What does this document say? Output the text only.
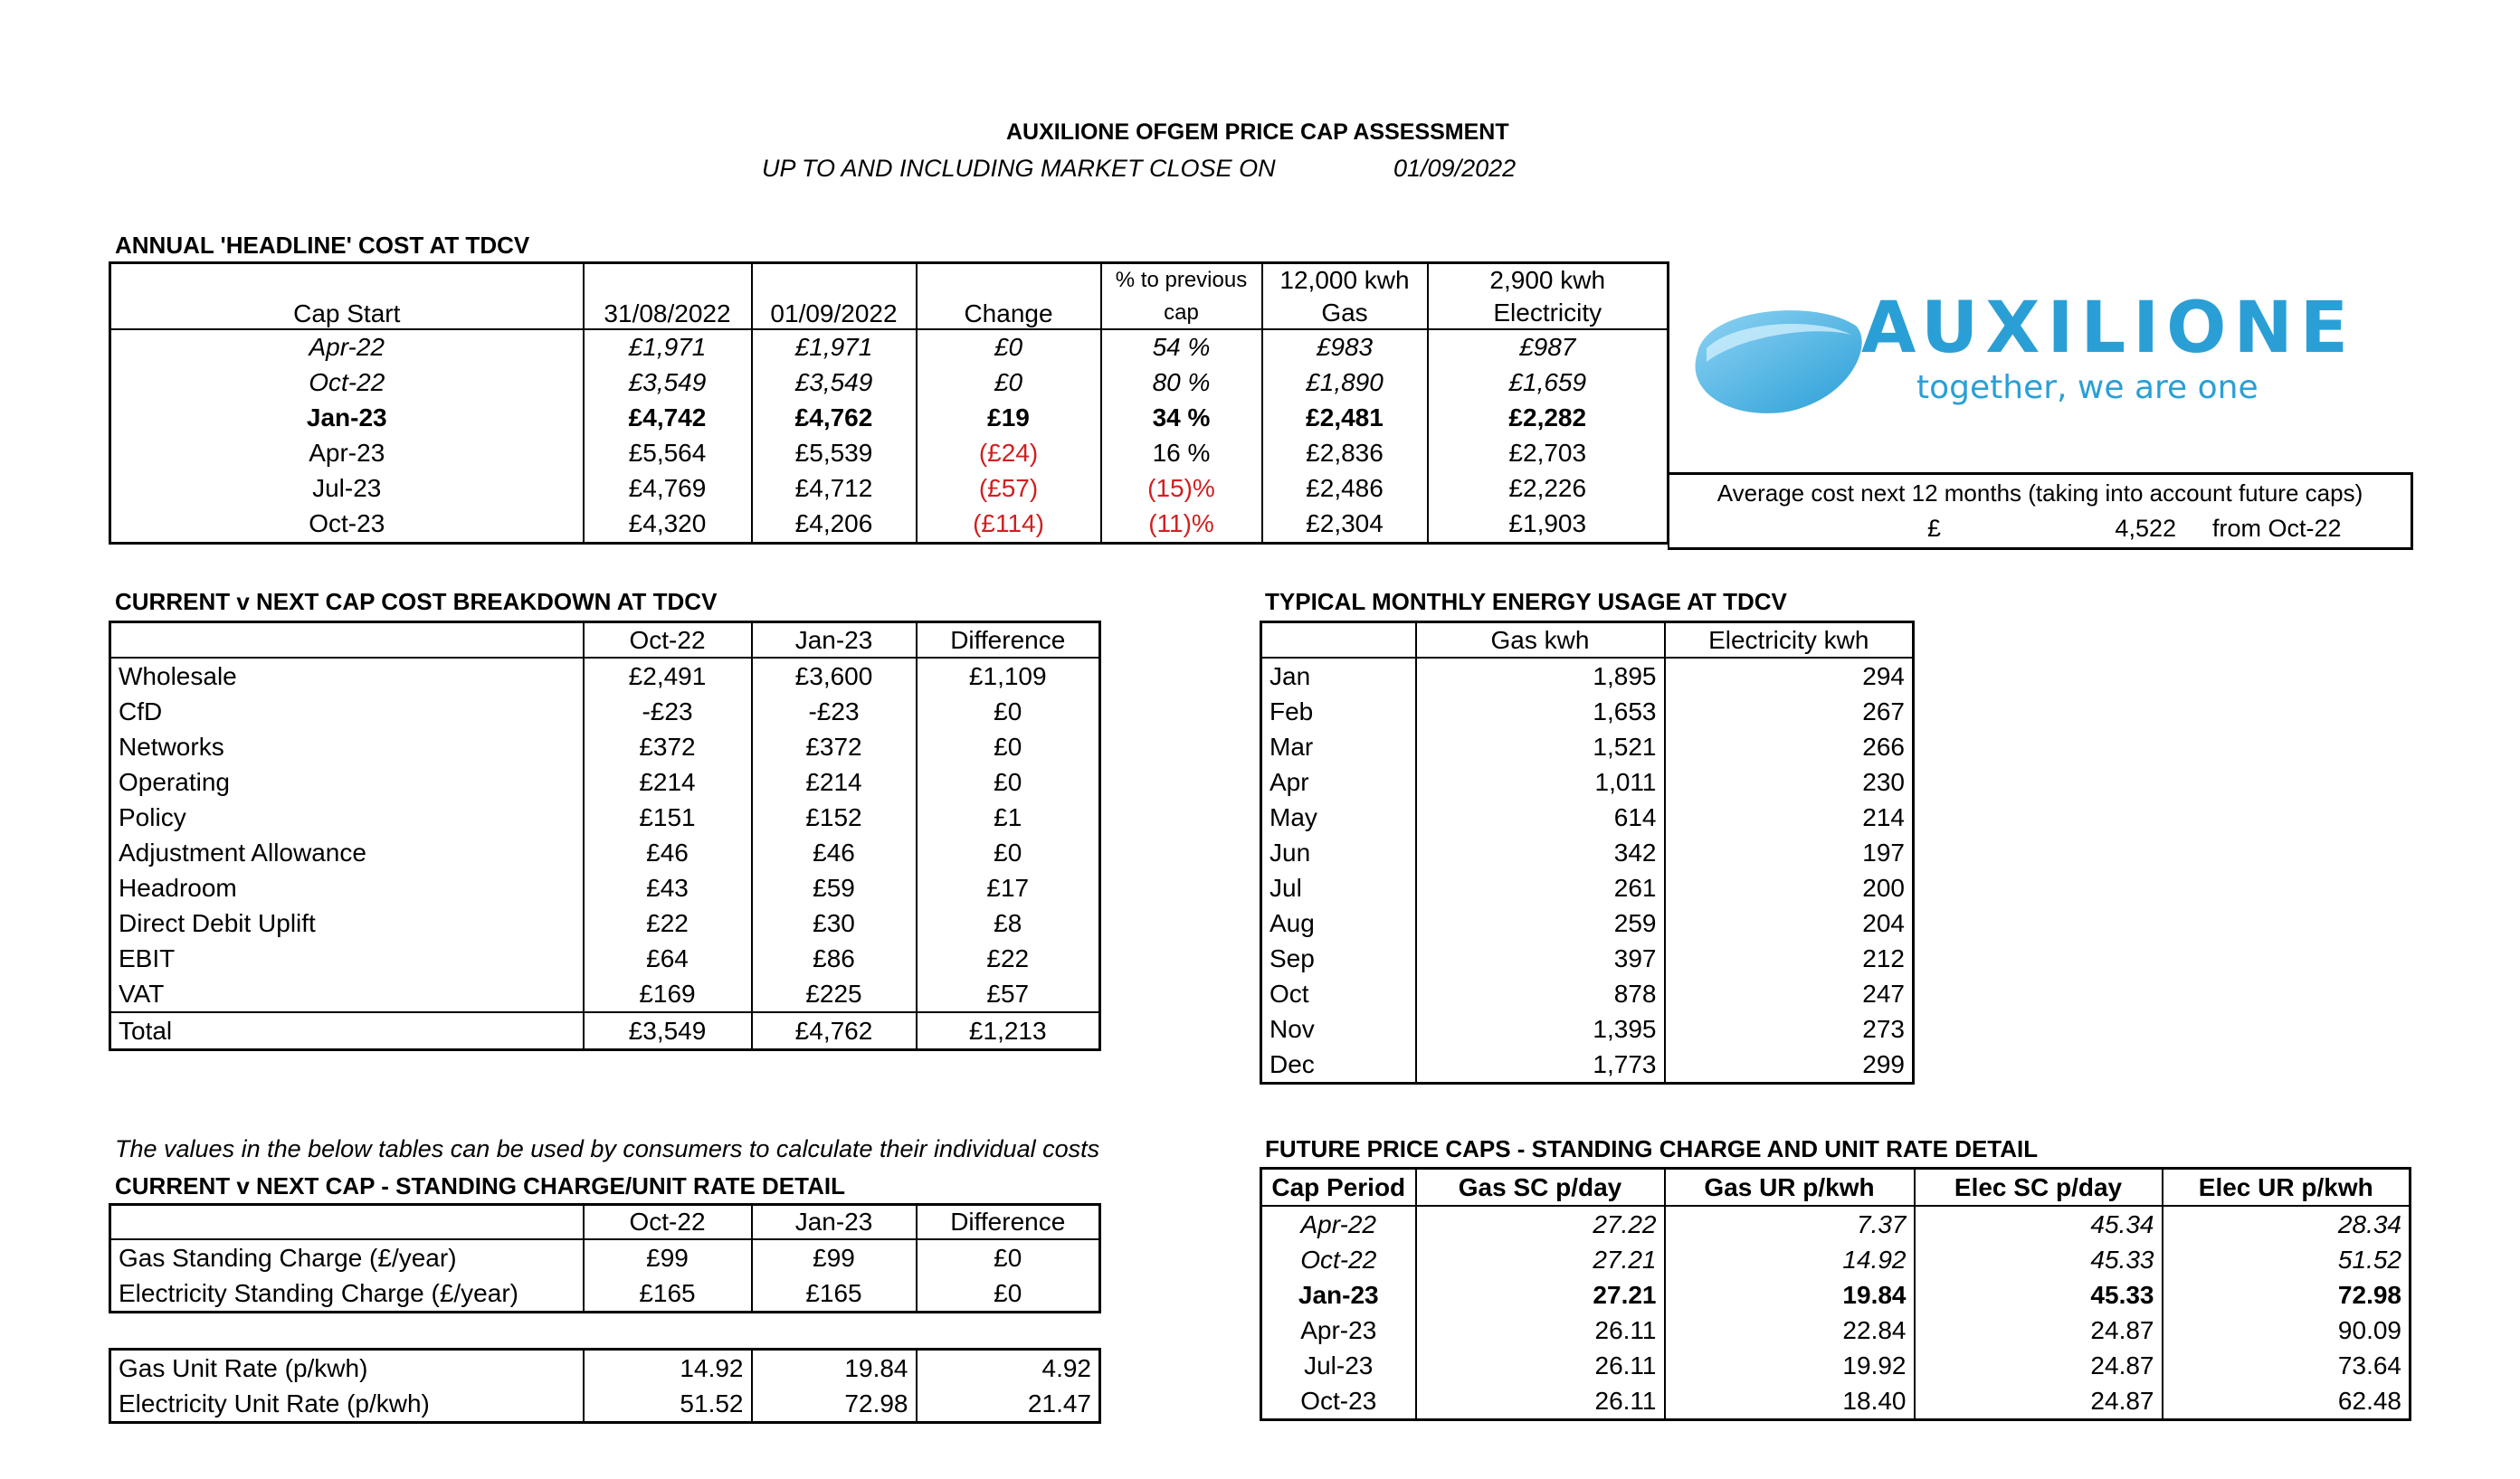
AUXILIONE OFGEM PRICE CAP ASSESSMENT
UP TO AND INCLUDING MARKET CLOSE ON	01/09/2022
ANNUAL 'HEADLINE' COST AT TDCV
Cap Start	31/08/2022	01/09/2022	Change	% to previous	12,000 kwh	2,900 kwh
				cap	Gas	Electricity
Apr-22	£1,971	£1,971	£0	54 %	£983	£987
Oct-22	£3,549	£3,549	£0	80 %	£1,890	£1,659
Jan-23	£4,742	£4,762	£19	34 %	£2,481	£2,282
Apr-23	£5,564	£5,539	(£24)	16 %	£2,836	£2,703
Jul-23	£4,769	£4,712	(£57)	(15)%	£2,486	£2,226
Oct-23	£4,320	£4,206	(£114)	(11)%	£2,304	£1,903
AUXILIONE
together, we are one
Average cost next 12 months (taking into account future caps)
£	4,522 from Oct-22
CURRENT v NEXT CAP COST BREAKDOWN AT TDCV
	Oct-22	Jan-23	Difference
Wholesale	£2,491	£3,600	£1,109
CfD	-£23	-£23	£0
Networks	£372	£372	£0
Operating	£214	£214	£0
Policy	£151	£152	£1
Adjustment Allowance	£46	£46	£0
Headroom	£43	£59	£17
Direct Debit Uplift	£22	£30	£8
EBIT	£64	£86	£22
VAT	£169	£225	£57
Total	£3,549	£4,762	£1,213
TYPICAL MONTHLY ENERGY USAGE AT TDCV
	Gas kwh	Electricity kwh
Jan	1,895	294
Feb	1,653	267
Mar	1,521	266
Apr	1,011	230
May	614	214
Jun	342	197
Jul	261	200
Aug	259	204
Sep	397	212
Oct	878	247
Nov	1,395	273
Dec	1,773	299
The values in the below tables can be used by consumers to calculate their individual costs
CURRENT v NEXT CAP - STANDING CHARGE/UNIT RATE DETAIL
	Oct-22	Jan-23	Difference
Gas Standing Charge (£/year)	£99	£99	£0
Electricity Standing Charge (£/year)	£165	£165	£0
Gas Unit Rate (p/kwh)	14.92	19.84	4.92
Electricity Unit Rate (p/kwh)	51.52	72.98	21.47
FUTURE PRICE CAPS - STANDING CHARGE AND UNIT RATE DETAIL
Cap Period	Gas SC p/day	Gas UR p/kwh	Elec SC p/day	Elec UR p/kwh
Apr-22	27.22	7.37	45.34	28.34
Oct-22	27.21	14.92	45.33	51.52
Jan-23	27.21	19.84	45.33	72.98
Apr-23	26.11	22.84	24.87	90.09
Jul-23	26.11	19.92	24.87	73.64
Oct-23	26.11	18.40	24.87	62.48
